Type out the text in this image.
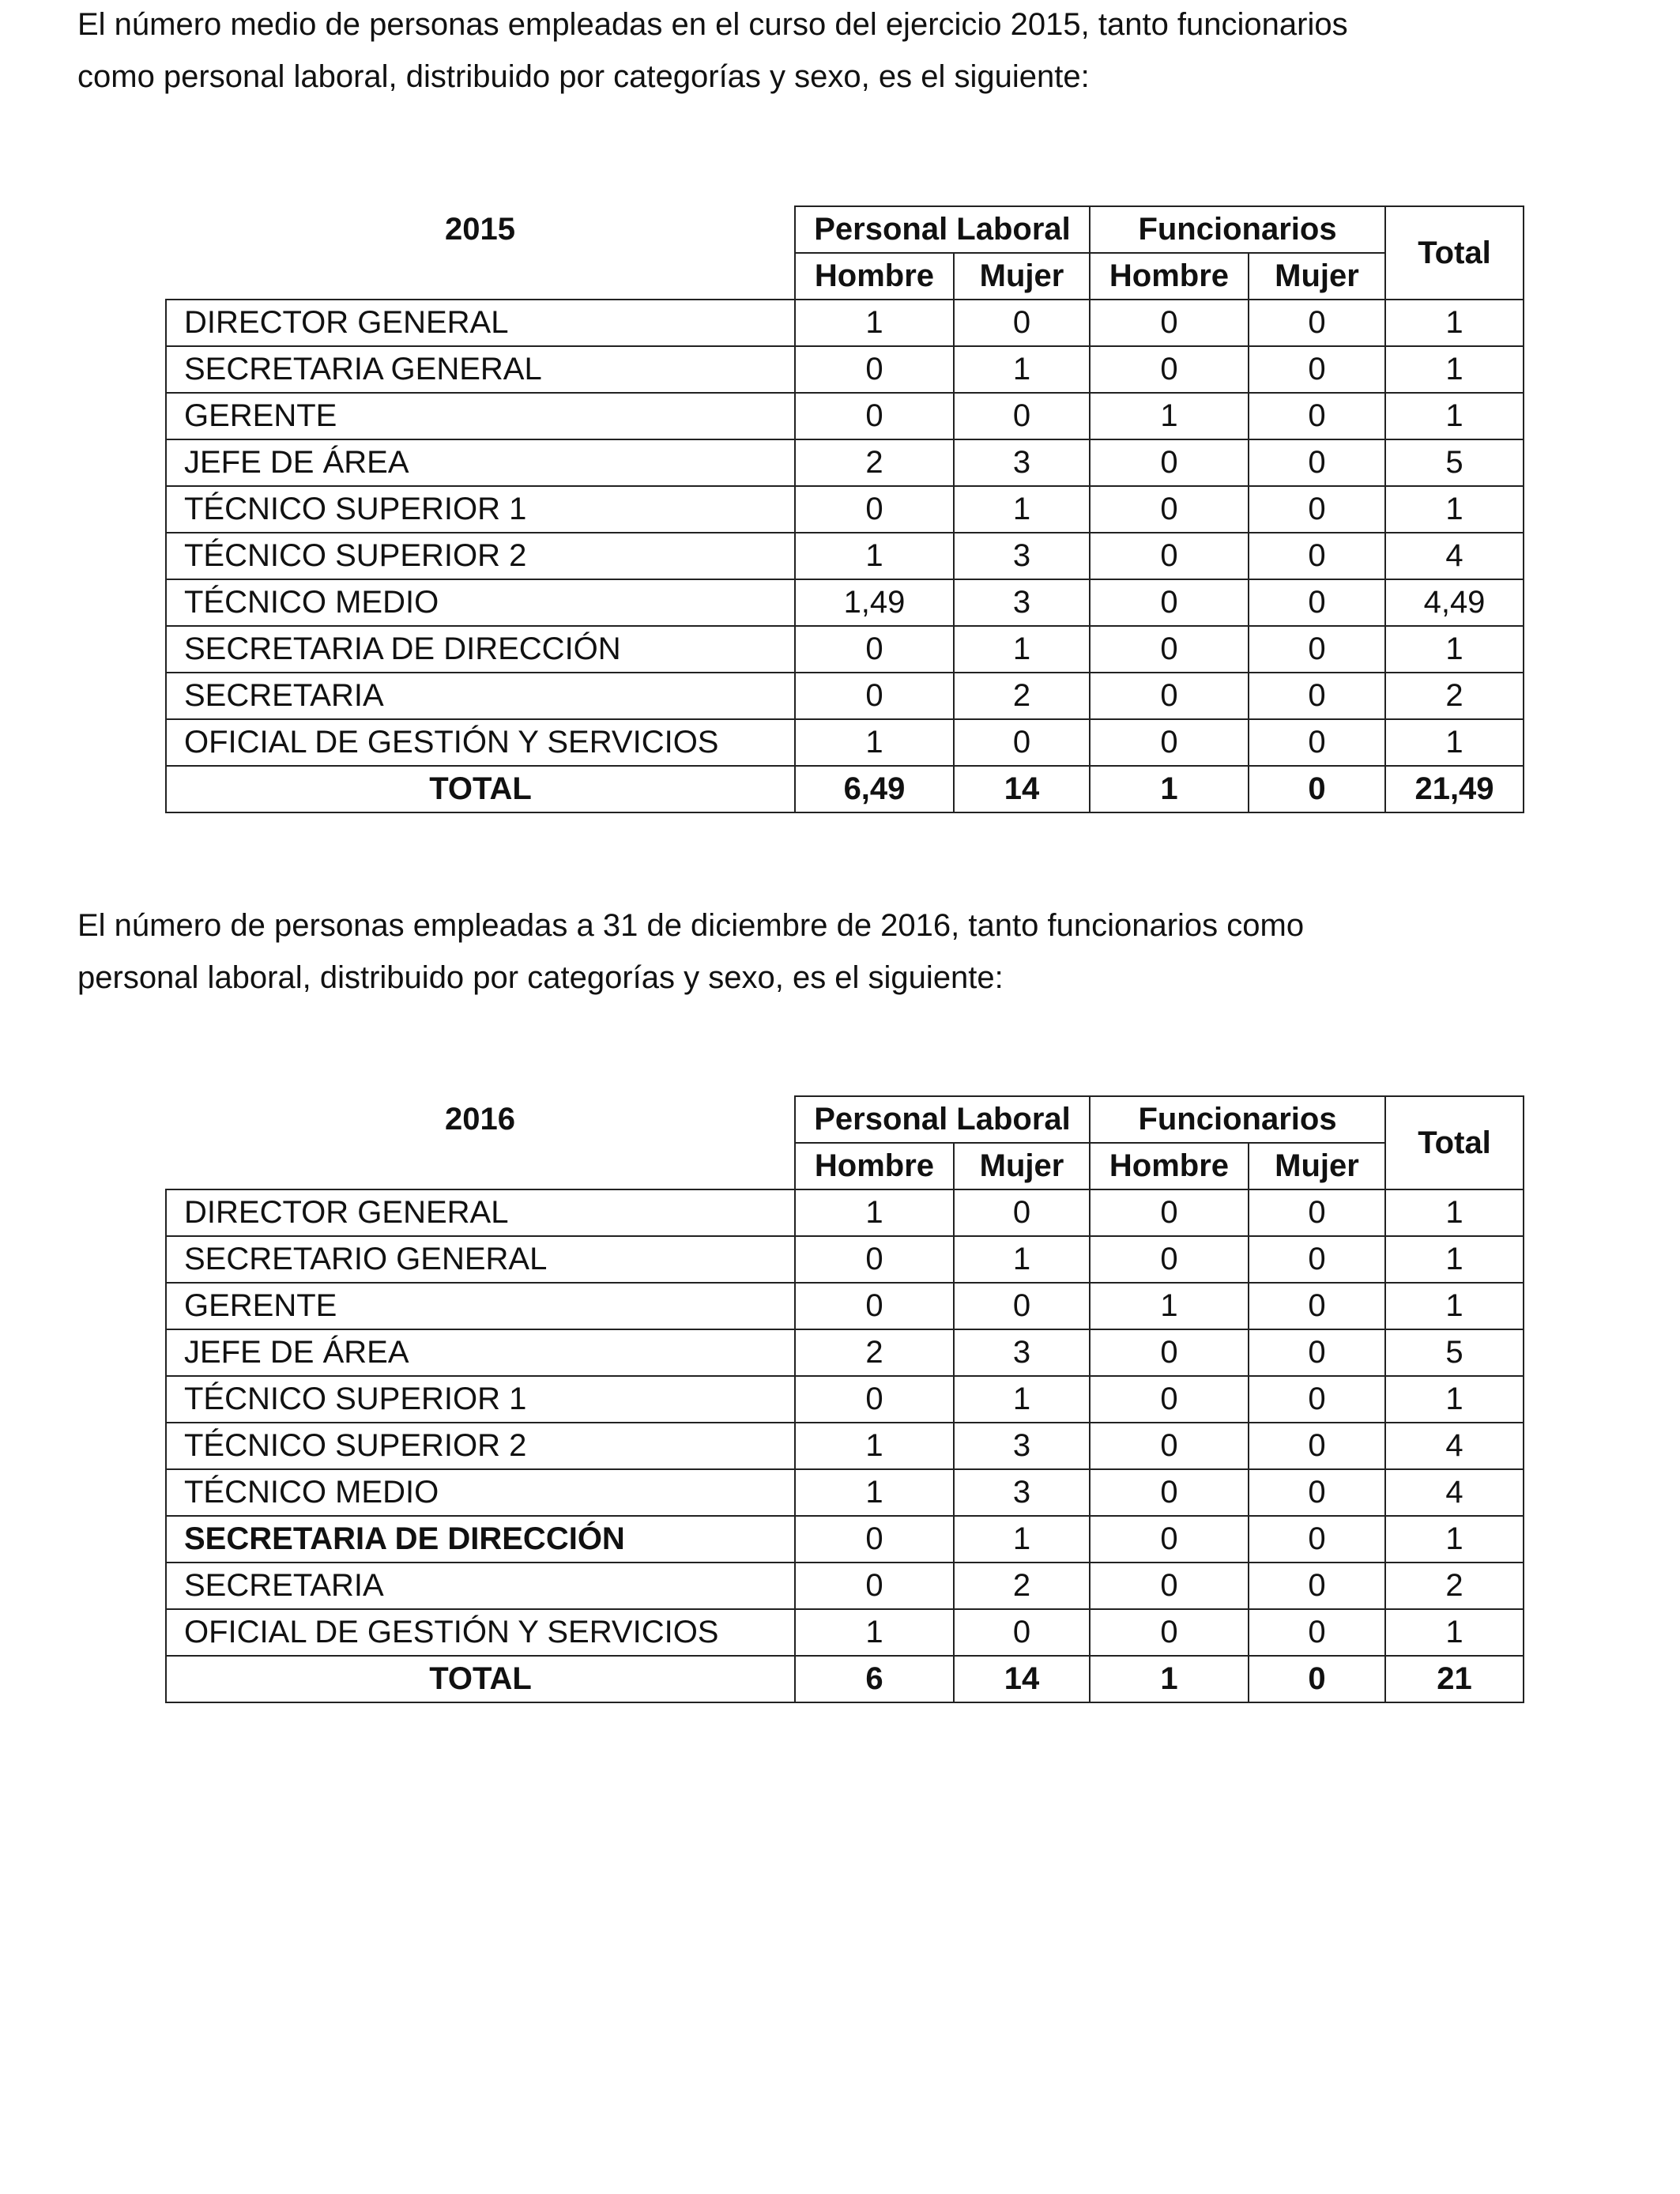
El número medio de personas empleadas en el curso del ejercicio 2015, tanto funcionarios
como personal laboral, distribuido por categorías y sexo, es el siguiente:

2015	Personal Laboral		Funcionarios		Total
	Hombre	Mujer	Hombre	Mujer	
DIRECTOR GENERAL	1	0	0	0	1
SECRETARIA GENERAL	0	1	0	0	1
GERENTE	0	0	1	0	1
JEFE DE ÁREA	2	3	0	0	5
TÉCNICO SUPERIOR 1	0	1	0	0	1
TÉCNICO SUPERIOR 2	1	3	0	0	4
TÉCNICO MEDIO	1,49	3	0	0	4,49
SECRETARIA DE DIRECCIÓN	0	1	0	0	1
SECRETARIA	0	2	0	0	2
OFICIAL DE GESTIÓN Y SERVICIOS	1	0	0	0	1
TOTAL	6,49	14	1	0	21,49

El número de personas empleadas a 31 de diciembre de 2016, tanto funcionarios como
personal laboral, distribuido por categorías y sexo, es el siguiente:

2016	Personal Laboral		Funcionarios		Total
	Hombre	Mujer	Hombre	Mujer	
DIRECTOR GENERAL	1	0	0	0	1
SECRETARIO GENERAL	0	1	0	0	1
GERENTE	0	0	1	0	1
JEFE DE ÁREA	2	3	0	0	5
TÉCNICO SUPERIOR 1	0	1	0	0	1
TÉCNICO SUPERIOR 2	1	3	0	0	4
TÉCNICO MEDIO	1	3	0	0	4
SECRETARIA DE DIRECCIÓN	0	1	0	0	1
SECRETARIA	0	2	0	0	2
OFICIAL DE GESTIÓN Y SERVICIOS	1	0	0	0	1
TOTAL	6	14	1	0	21
